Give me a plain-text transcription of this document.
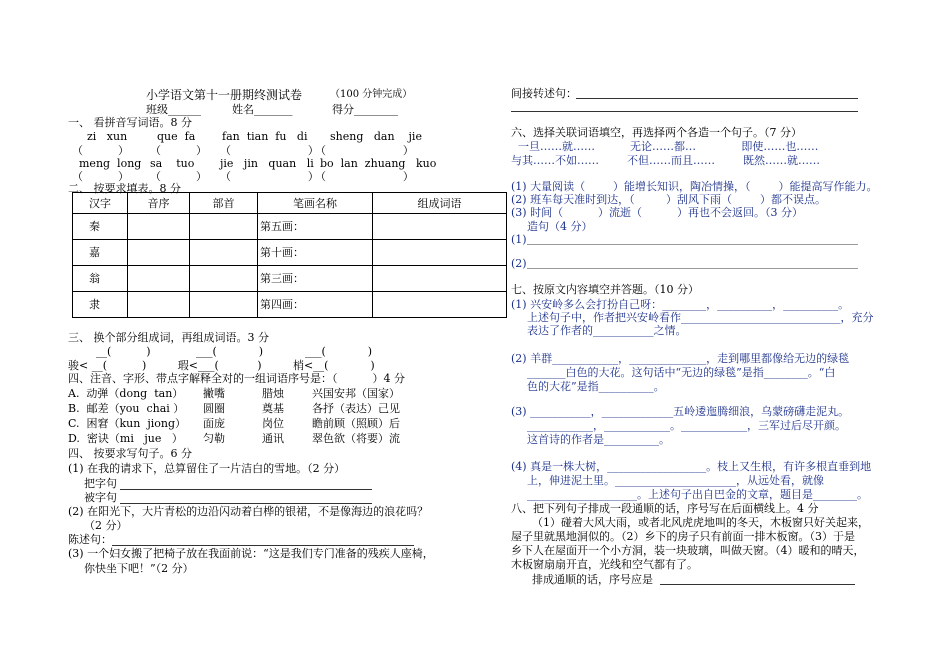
小学语文第十一册期终测试卷	（100 分钟完成）
班级______	姓名_______	得分________
一、 看拼音写词语。8 分
zi   xun	que  fa fan  tian  fu   di sheng   dan    jie
（          ） （          ） （                      ）
（                      ）
meng  long sa    tuo jie   jin   quan   li bo  lan  zhuang   kuo
（          ） （          ） （                      ）
（                      ）
二、 按要求填表。8 分
汉字	音序	部首	笔画名称	组成词语
秦			第五画：	
嘉			第十画：	
翁			第三画：	
隶			第四画：	
三、 换个部分组成词，再组成词语。3 分
__(          )             ___(            )            ___(            )
骏< __(          )         瑕<___(           )         梢<__(            )
四、注音、字形、带点字解释全对的一组词语序号是：（          ）4 分
A.  动弹（dong  tan） 撇嘴	腊烛	兴国安邦（国家）
B.  邮差（you  chai ） 圆圈	奠基	各抒（表达）己见
C.  困窘（kun  jiong） 面庞	岗位	瞻前顾（照顾）后
D.  密诀（mi   jue   ） 匀勒	通讯	翠色欲（将要）流
四、 按要求写句子。6 分
(1) 在我的请求下，总算留住了一片洁白的雪地。（2 分）
把字句
被字句
(2) 在阳光下，大片青松的边沿闪动着白桦的银裙，不是像海边的浪花吗？
（2 分）
陈述句：
(3) 一个妇女搬了把椅子放在我面前说：“这是我们专门准备的残疾人座椅，
你快坐下吧！”（2 分）
间接转述句：
六、选择关联词语填空，再选择两个各造一个句子。（7 分）
一旦……就……          无论……都…             即使……也……
与其……不如……        不但……而且……        既然……就……
(1) 大量阅读（        ）能增长知识，陶冶情操，（        ）能提高写作能力。
(2) 班车每天准时到达，（         ）刮风下雨（        ）都不误点。
(3) 时间（          ）流逝（          ）再也不会返回。（3 分）
造句（4 分）
(1)
(2)
七、按原文内容填空并答题。（10 分）
(1) 兴安岭多么会打扮自己呀：________，__________，__________。
上述句子中，作者把兴安岭看作_____________________________，充分
表达了作者的___________之情。
(2) 羊群____________，______________，走到哪里都像给无边的绿毯
_______白色的大花。这句话中“无边的绿毯”是指________。“白
色的大花”是指__________。
(3) ___________，_____________五岭逶迤腾细浪，乌蒙磅礴走泥丸。
____________，____________。____________，三军过后尽开颜。
这首诗的作者是__________。
(4) 真是一株大树，__________________。枝上又生根，有许多根直垂到地
上，伸进泥土里。______________________，从远处看，就像
____________________。上述句子出自巴金的文章，题目是________。
八、把下列句子排成一段通顺的话，序号写在后面横线上。4 分
（1）碰着大风大雨，或者北风虎虎地叫的冬天，木板窗只好关起来，
屋子里就黑地洞似的。（2）乡下的房子只有前面一排木板窗。（3）于是
乡下人在屋面开一个小方洞，装一块玻璃，叫做天窗。（4）暖和的晴天，
木板窗扇扇开直，光线和空气都有了。
排成通顺的话，序号应是
